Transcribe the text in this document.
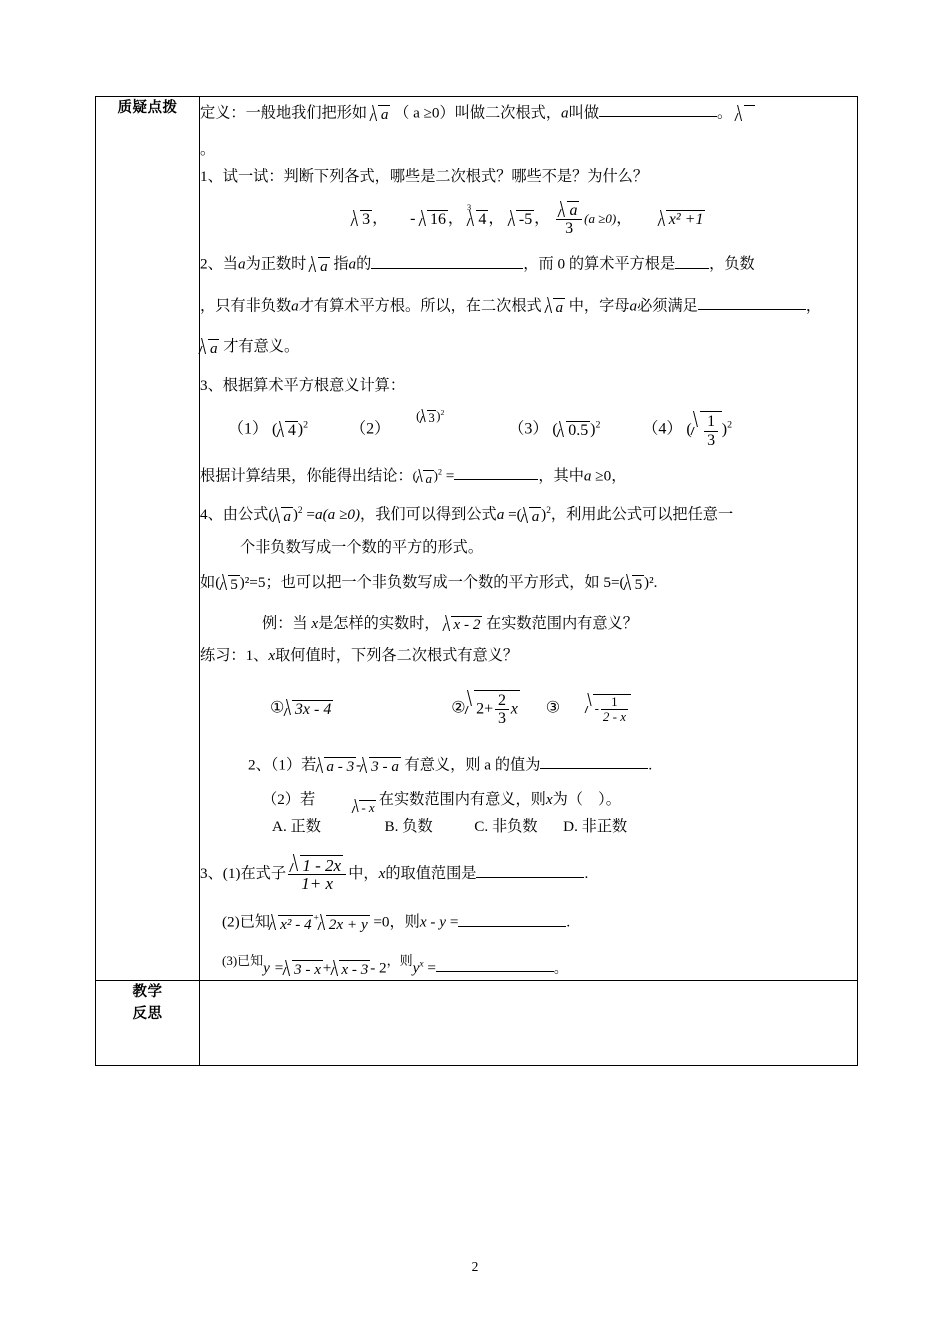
质疑点拨	定义：一般地我们把形如 a （ a ≥0）叫做二次根式，a叫做	。

。
1、试一试：判断下列各式，哪些是二次根式？哪些不是？为什么？
3 ， - 16 ，
3
4 ， -5 ， $\frac{a}{3} (a \ge 0)$， x² +1
2、当a为正数时 a 指a的	，而 0 的算术平方根是 ，负数
，只有非负数a才有算术平方根。所以，在二次根式 a 中，字母a必须满足	，
a 才有意义。
3、根据算术平方根意义计算：
（1） ( 4 )$^2$	（2）  ( 3 )$^2$  （3） ( 0.5 )$^2$	（4） ( $\frac{1}{3} )^2$
根据计算结果，你能得出结论：( a )$^2$ =	，其中a ≥0，
4、由公式( a )$^2$ =a(a ≥0)，我们可以得到公式a =( a )$^2$，利用此公式可以把任意一
个非负数写成一个数的平方的形式。
如( 5 )²=5；也可以把一个非负数写成一个数的平方形式，如 5=( 5 )².
例：当 x是怎样的实数时， x - 2 在实数范围内有意义？
练习：1、x取何值时，下列各二次根式有意义？
① 3x - 4	② $2+ \frac{2}{3}$ x ③	- $\frac{1}{2 - x}$
2、（1）若 a - 3 - 3 - a 有意义，则 a 的值为	.
（2）若	- x 在实数范围内有意义，则x为（　）。
A. 正数	B. 负数	C. 非负数 D. 非正数
3、(1)在式子 $\frac{1 - 2x}{1+ x}$ 中，x的取值范围是	.
(2)已知 x² - 4 + 2x + y =0，则x - y =	.
(3)已知y = 3 - x + x - 3 - 2，则$y^x$ =	。

教学
反思	

2
